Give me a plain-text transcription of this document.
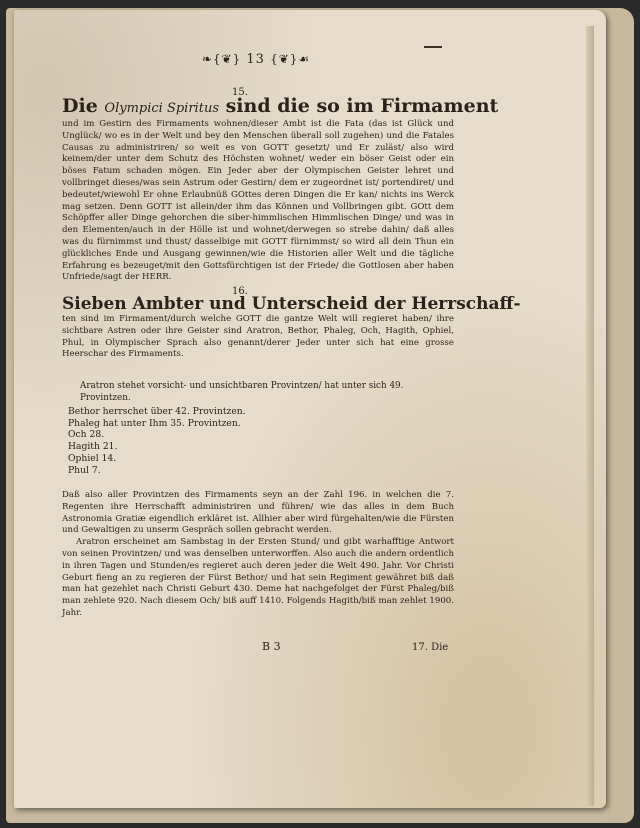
❧{❦} 13 {❦}☙
15.
Die Olympici Spiritus sind die so im Firmament

und im Gestirn des Firmaments wohnen/dieser Ambt ist die Fata (das ist Glück und Unglück/ wo es in der Welt und bey den Menschen überall soll zugehen) und die Fatales Causas zu administriren/ so weit es von GOTT gesetzt/ und Er zuläst/ also wird keinem/der unter dem Schutz des Höchsten wohnet/ weder ein böser Geist oder ein böses Fatum schaden mögen. Ein Jeder aber der Olympischen Geister lehret und vollbringet dieses/was sein Astrum oder Gestirn/ dem er zugeordnet ist/ portendiret/ und bedeutet/wiewohl Er ohne Erlaubnüß GOttes deren Dingen die Er kan/ nichts ins Werck mag setzen. Denn GOTT ist allein/der ihm das Können und Vollbringen gibt. GOtt dem Schöpffer aller Dinge gehorchen die siber-himmlischen Himmlischen Dinge/ und was in den Elementen/auch in der Hölle ist und wohnet/derwegen so strebe dahin/ daß alles was du fürnimmst und thust/ dasselbige mit GOTT fürnimmst/ so wird all dein Thun ein glückliches Ende und Ausgang gewinnen/wie die Historien aller Welt und die tägliche Erfahrung es bezeuget/mit den Gottsfürchtigen ist der Friede/ die Gottlosen aber haben Unfriede/sagt der HERR.

16.
Sieben Ambter und Unterscheid der Herrschaff-

ten sind im Firmament/durch welche GOTT die gantze Welt will regieret haben/ ihre sichtbare Astren oder ihre Geister sind Aratron, Bethor, Phaleg, Och, Hagith, Ophiel, Phul, in Olympischer Sprach also genannt/derer Jeder unter sich hat eine grosse Heerschar des Firmaments.

Aratron stehet vorsicht- und unsichtbaren Provintzen/ hat unter sich 49. Provintzen.
Bethor herrschet über 42. Provintzen.
Phaleg hat unter Ihm 35. Provintzen.
Och 28.
Hagith 21.
Ophiel 14.
Phul 7.

Daß also aller Provintzen des Firmaments seyn an der Zahl 196. in welchen die 7. Regenten ihre Herrschafft administriren und führen/ wie das alles in dem Buch Astronomia Gratiæ eigendlich erkläret ist. Allhier aber wird fürgehalten/wie die Fürsten und Gewaltigen zu unserm Gespräch sollen gebracht werden.

Aratron erscheinet am Sambstag in der Ersten Stund/ und gibt warhafftige Antwort von seinen Provintzen/ und was denselben unterworffen. Also auch die andern ordentlich in ihren Tagen und Stunden/es regieret auch deren jeder die Welt 490. Jahr. Vor Christi Geburt fieng an zu regieren der Fürst Bethor/ und hat sein Regiment gewähret biß daß man hat gezehlet nach Christi Geburt 430. Deme hat nachgefolget der Fürst Phaleg/biß man zehlete 920. Nach diesem Och/ biß auff 1410. Folgends Hagith/biß man zehlet 1900. Jahr.

B 3	17. Die
